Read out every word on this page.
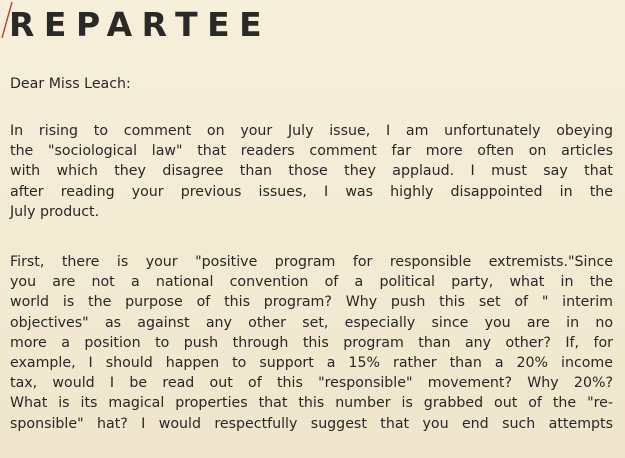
REPARTEE

Dear Miss Leach:

In rising to comment on your July issue, I am unfortunately obeying
the "sociological law" that readers comment far more often on articles
with which they disagree than those they applaud. I must say that
after reading your previous issues, I was highly disappointed in the
July product.
First, there is your "positive program for responsible extremists."Since
you are not a national convention of a political party, what in the
world is the purpose of this program? Why push this set of " interim
objectives" as against any other set, especially since you are in no
more a position to push through this program than any other? If, for
example, I should happen to support a 15% rather than a 20% income
tax, would I be read out of this "responsible" movement? Why 20%?
What is its magical properties that this number is grabbed out of the "re-
sponsible" hat? I would respectfully suggest that you end such attempts
